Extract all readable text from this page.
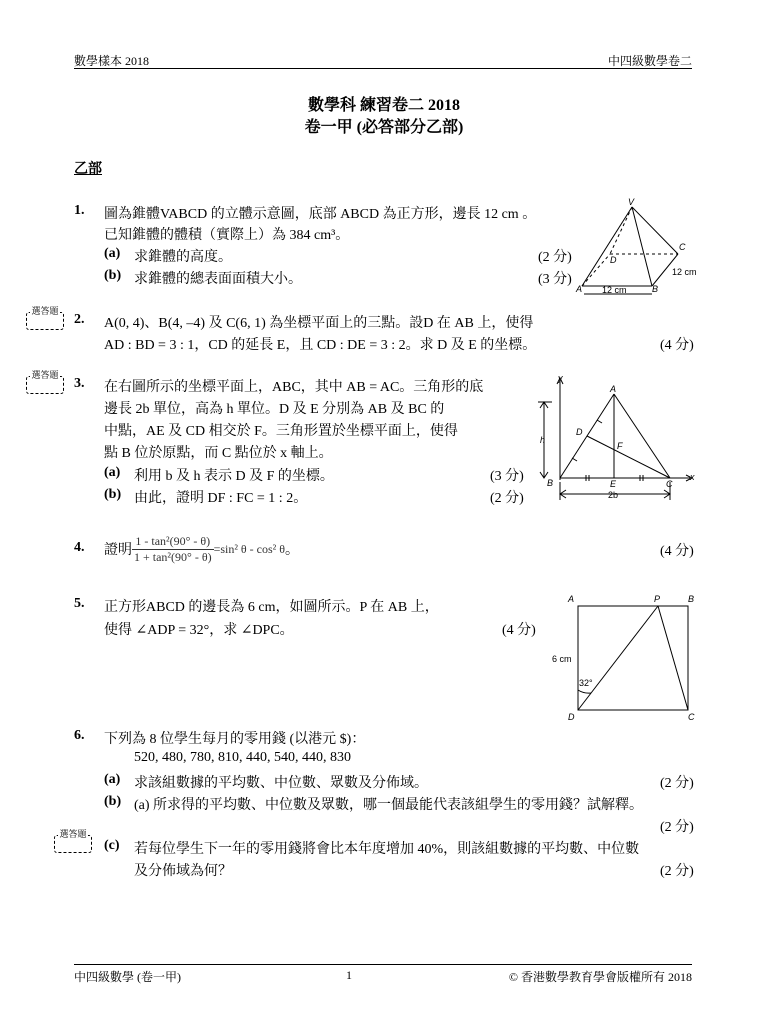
數學樣本 2018	中四級數學卷二
數學科 練習卷二 2018
卷一甲 (必答部分乙部)
乙部
1. 圖為錐體VABCD 的立體示意圖，底部 ABCD 為正方形，邊長 12 cm 。
已知錐體的體積（實際上）為 384 cm³。
(a) 求錐體的高度。	(2 分)
(b) 求錐體的總表面面積大小。	(3 分)
V
A	B
C
D
12 cm
12 cm
選答題	2. A(0, 4)、B(4, –4) 及 C(6, 1) 為坐標平面上的三點。設D 在 AB 上，使得
AD : BD = 3 : 1，CD 的延長 E，且 CD : DE = 3 : 2。求 D 及 E 的坐標。	(4 分)
選答題	3. 在右圖所示的坐標平面上，ABC，其中 AB = AC。三角形的底
邊長 2b 單位，高為 h 單位。D 及 E 分別為 AB 及 BC 的
中點，AE 及 CD 相交於 F。三角形置於坐標平面上，使得
點 B 位於原點，而 C 點位於 x 軸上。
(a) 利用 b 及 h 表示 D 及 F 的坐標。	(3 分)
(b) 由此，證明 DF : FC = 1 : 2。	(2 分)
y
x
A
B	C
D
E
F
h
2b
4. 證明 $\frac{\text{1 - tan²(90° - θ)}}{\text{1 + tan²(90° - θ)}} =\sin^2$ θ - cos² θ 。	(4 分)
5. 正方形ABCD 的邊長為 6 cm，如圖所示。P 在 AB 上，
使得 ∠ADP = 32°，求 ∠DPC。	(4 分)
A	P	B
C
D
6 cm
32°
6. 下列為 8 位學生每月的零用錢 (以港元 $)：
520, 480, 780, 810, 440, 540, 440, 830
(a) 求該組數據的平均數、中位數、眾數及分佈域。	(2 分)
(b) (a) 所求得的平均數、中位數及眾數，哪一個最能代表該組學生的零用錢？試解釋。
(2 分)
選答題
(c) 若每位學生下一年的零用錢將會比本年度增加 40%，則該組數據的平均數、中位數
及分佈域為何？	(2 分)
中四級數學 (卷一甲)	1	© 香港數學教育學會版權所有 2018
